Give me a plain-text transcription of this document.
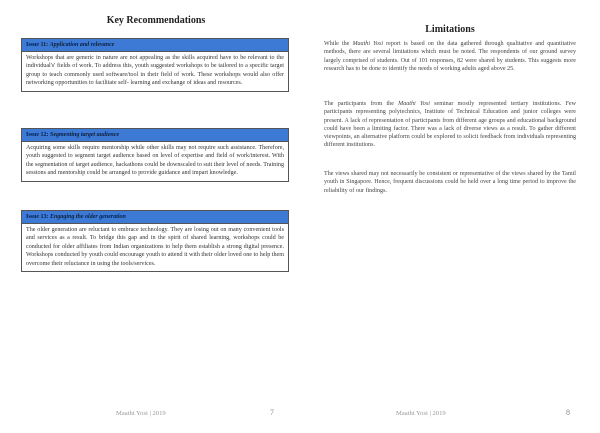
Key Recommendations
Issue 11: Application and relevance
Workshops that are generic in nature are not appealing as the skills acquired have to be relevant to the individual's' fields of work. To address this, youth suggested workshops to be tailored to a specific target group to teach commonly used software/tool in their field of work. These workshops would also offer networking opportunities to facilitate self- learning and exchange of ideas and resources.
Issue 12: Segmenting target audience
Acquiring some skills require mentorship while other skills may not require such assistance. Therefore, youth suggested to segment target audience based on level of expertise and field of work/interest. With the segmentation of target audience, hackathons could be downscaled to suit their level of needs. Training sessions and mentorship could be arranged to provide guidance and impart knowledge.
Issue 13: Engaging the older generation
The older generation are reluctant to embrace technology. They are losing out on many convenient tools and services as a result. To bridge this gap and in the spirit of shared learning, workshops could be conducted for older affiliates from Indian organizations to help them establish a strong digital presence. Workshops conducted by youth could encourage youth to attend it with their older loved one to help them overcome their reluctance in using the tools/services.
Maathi Yosi | 2019	7
Limitations
While the Maathi Yosi report is based on the data gathered through qualitative and quantitative methods, there are several limitations which must be noted. The respondents of our ground survey largely comprised of students. Out of 101 responses, 82 were shared by students. This suggests more research has to be done to identify the needs of working adults aged above 25.
The participants from the Maathi Yosi seminar mostly represented tertiary institutions. Few participants representing polytechnics, Institute of Technical Education and junior colleges were present. A lack of representation of participants from different age groups and educational background could have been a limiting factor. There was a lack of diverse views as a result. To gather different viewpoints, an alternative platform could be explored to solicit feedback from individuals representing different institutions.
The views shared may not necessarily be consistent or representative of the views shared by the Tamil youth in Singapore. Hence, frequent discussions could be held over a long time period to improve the reliability of our findings.
Maathi Yosi | 2019	8
